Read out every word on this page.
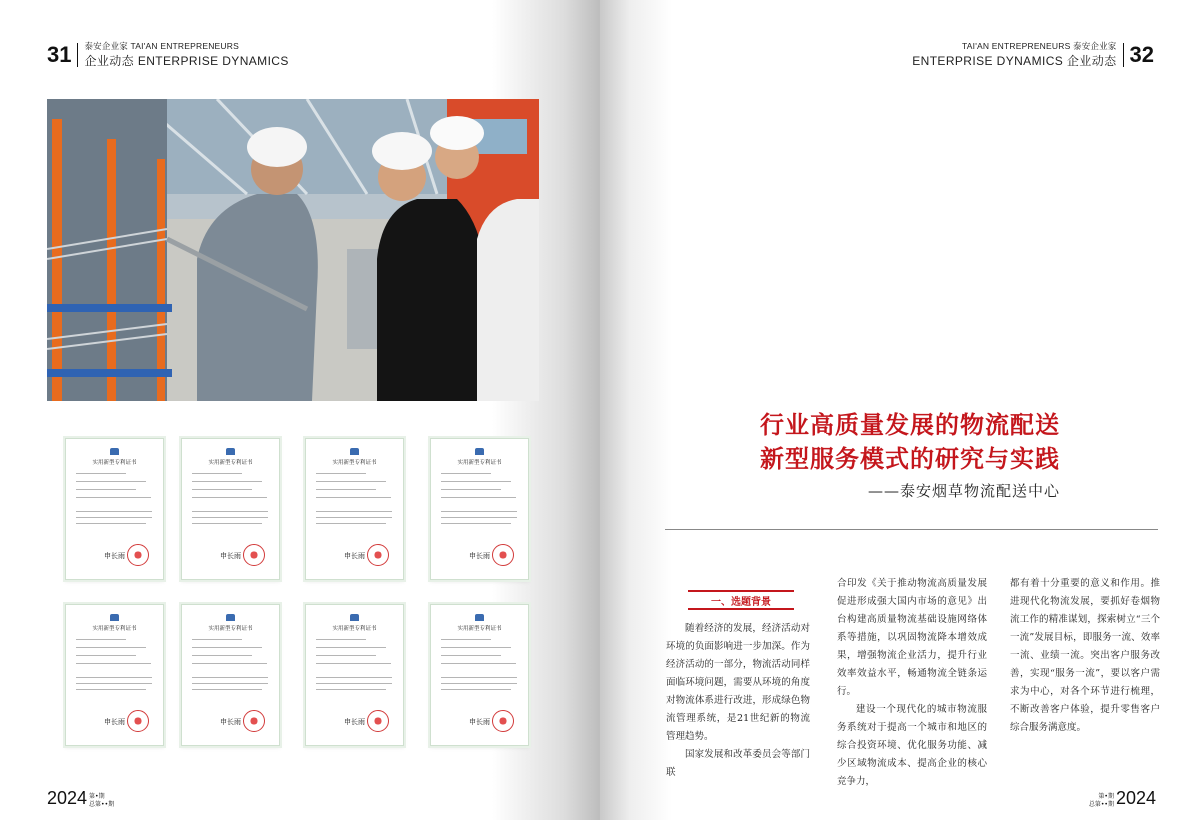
31 泰安企业家 TAI'AN ENTREPRENEURS
企业动态 ENTERPRISE DYNAMICS
实用新型专利证书
申长雨
实用新型专利证书
申长雨
实用新型专利证书
申长雨
实用新型专利证书
申长雨
实用新型专利证书
申长雨
实用新型专利证书
申长雨
实用新型专利证书
申长雨
实用新型专利证书
申长雨
2024 第•期
总第••期
TAI'AN ENTREPRENEURS 泰安企业家
ENTERPRISE DYNAMICS 企业动态 32
行业高质量发展的物流配送
新型服务模式的研究与实践
——泰安烟草物流配送中心
一、选题背景

随着经济的发展，经济活动对环境的负面影响进一步加深。作为经济活动的一部分，物流活动同样面临环境问题，需要从环境的角度对物流体系进行改进，形成绿色物流管理系统，是21世纪新的物流管理趋势。

国家发展和改革委员会等部门联

合印发《关于推动物流高质量发展促进形成强大国内市场的意见》出台构建高质量物流基础设施网络体系等措施，以巩固物流降本增效成果，增强物流企业活力，提升行业效率效益水平，畅通物流全链条运行。

建设一个现代化的城市物流服务系统对于提高一个城市和地区的综合投资环境、优化服务功能、减少区域物流成本、提高企业的核心竞争力，

都有着十分重要的意义和作用。推进现代化物流发展，要抓好卷烟物流工作的精准谋划，探索树立“三个一流”发展目标，即服务一流、效率一流、业绩一流。突出客户服务改善，实现“服务一流”，要以客户需求为中心，对各个环节进行梳理，不断改善客户体验，提升零售客户综合服务满意度。

第•期
总第••期 2024
